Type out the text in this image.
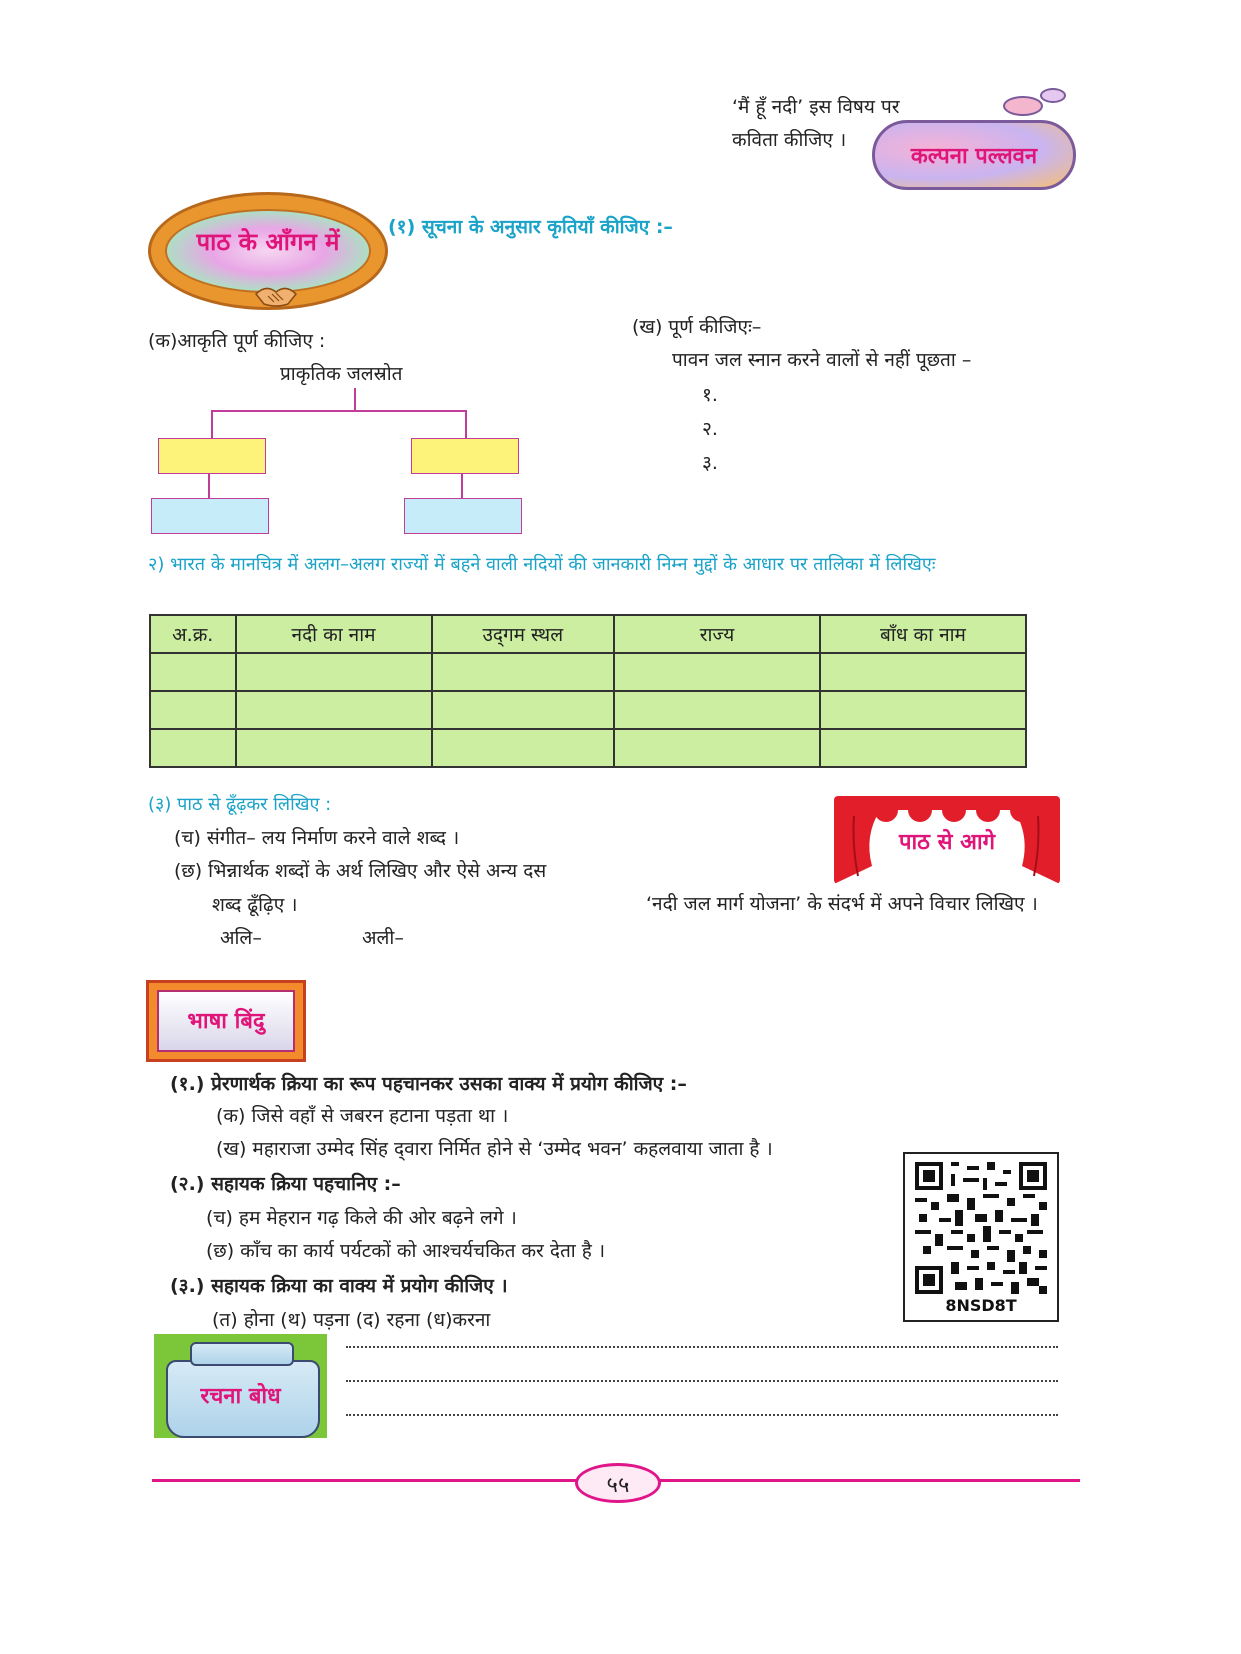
‘मैं हूँ नदी’ इस विषय पर
कविता कीजिए ।
कल्पना पल्लवन
पाठ के आँगन में
(१) सूचना के अनुसार कृतियाँ कीजिए :–
(क)आकृति पूर्ण कीजिए :
प्राकृतिक जलस्रोत
(ख) पूर्ण कीजिएः–
पावन जल स्नान करने वालों से नहीं पूछता –
१.
२.
३.
२) भारत के मानचित्र में अलग–अलग राज्यों में बहने वाली नदियों की जानकारी निम्न मुद्दों के आधार पर तालिका में लिखिएः
अ.क्र.	नदी का नाम	उद्‌गम स्थल	राज्य	बाँध का नाम

(३) पाठ से ढूँढ़कर लिखिए :
(च) संगीत– लय निर्माण करने वाले शब्द ।
(छ) भिन्नार्थक शब्दों के अर्थ लिखिए और ऐसे अन्य दस
शब्द ढूँढ़िए ।
अलि–	अली–
पाठ से आगे
‘नदी जल मार्ग योजना’ के संदर्भ में अपने विचार लिखिए ।
भाषा बिंदु
(१.) प्रेरणार्थक क्रिया का रूप पहचानकर उसका वाक्य में प्रयोग कीजिए :–
(क) जिसे वहाँ से जबरन हटाना पड़ता था ।
(ख) महाराजा उम्मेद सिंह द्‌वारा निर्मित होने से ‘उम्मेद भवन’ कहलवाया जाता है ।
(२.) सहायक क्रिया पहचानिए :–
(च) हम मेहरान गढ़ किले की ओर बढ़ने लगे ।
(छ) काँच का कार्य पर्यटकों को आश्चर्यचकित कर देता है ।
(३.) सहायक क्रिया का वाक्य में प्रयोग कीजिए ।
(त) होना (थ) पड़ना (द) रहना (ध)करना
8NSD8T
रचना बोध
५५
